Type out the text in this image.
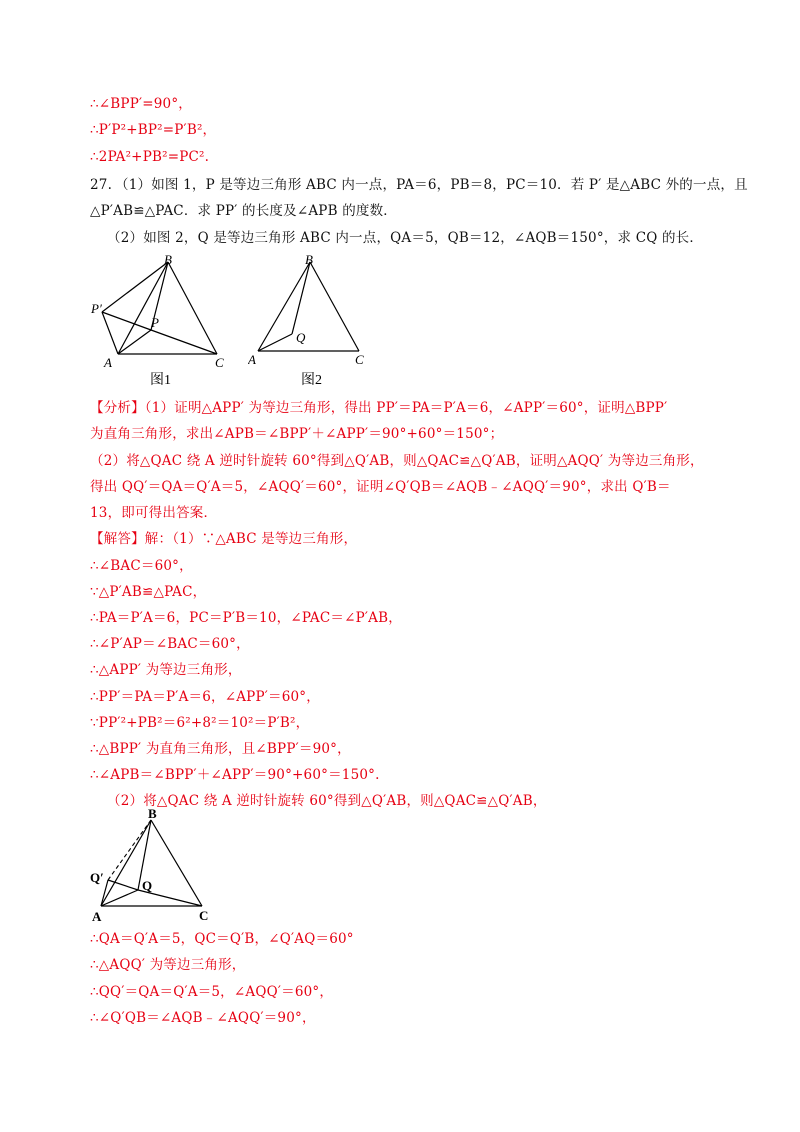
∴∠BPP′=90°，
∴P′P²+BP²=P′B²，
∴2PA²+PB²=PC².
27. （1）如图 1，P 是等边三角形 ABC 内一点，PA＝6，PB＝8，PC＝10．若 P′ 是△ABC 外的一点，且
△P′AB≌△PAC．求 PP′ 的长度及∠APB 的度数．
（2）如图 2，Q 是等边三角形 ABC 内一点，QA＝5，QB＝12，∠AQB＝150°，求 CQ 的长．
B
P′
P
A	C
图1
B
Q
A	C
图2
【分析】（1）证明△APP′ 为等边三角形，得出 PP′＝PA＝P′A＝6，∠APP′＝60°，证明△BPP′
为直角三角形，求出∠APB＝∠BPP′＋∠APP′＝90°+60°＝150°；
（2）将△QAC 绕 A 逆时针旋转 60°得到△Q′AB，则△QAC≌△Q′AB，证明△AQQ′ 为等边三角形，
得出 QQ′＝QA＝Q′A＝5，∠AQQ′＝60°，证明∠Q′QB＝∠AQB﹣∠AQQ′＝90°，求出 Q′B＝
13，即可得出答案．
【解答】解：（1）∵△ABC 是等边三角形，
∴∠BAC＝60°，
∵△P′AB≌△PAC，
∴PA＝P′A＝6，PC＝P′B＝10，∠PAC＝∠P′AB，
∴∠P′AP＝∠BAC＝60°，
∴△APP′ 为等边三角形，
∴PP′＝PA＝P′A＝6，∠APP′＝60°，
∵PP′²+PB²＝6²+8²＝10²＝P′B²，
∴△BPP′ 为直角三角形，且∠BPP′＝90°，
∴∠APB＝∠BPP′＋∠APP′＝90°+60°＝150°.
（2）将△QAC 绕 A 逆时针旋转 60°得到△Q′AB，则△QAC≌△Q′AB，
B
Q′
Q
A	C
∴QA＝Q′A＝5，QC＝Q′B，∠Q′AQ＝60°
∴△AQQ′ 为等边三角形，
∴QQ′＝QA＝Q′A＝5，∠AQQ′＝60°，
∴∠Q′QB＝∠AQB﹣∠AQQ′＝90°，
